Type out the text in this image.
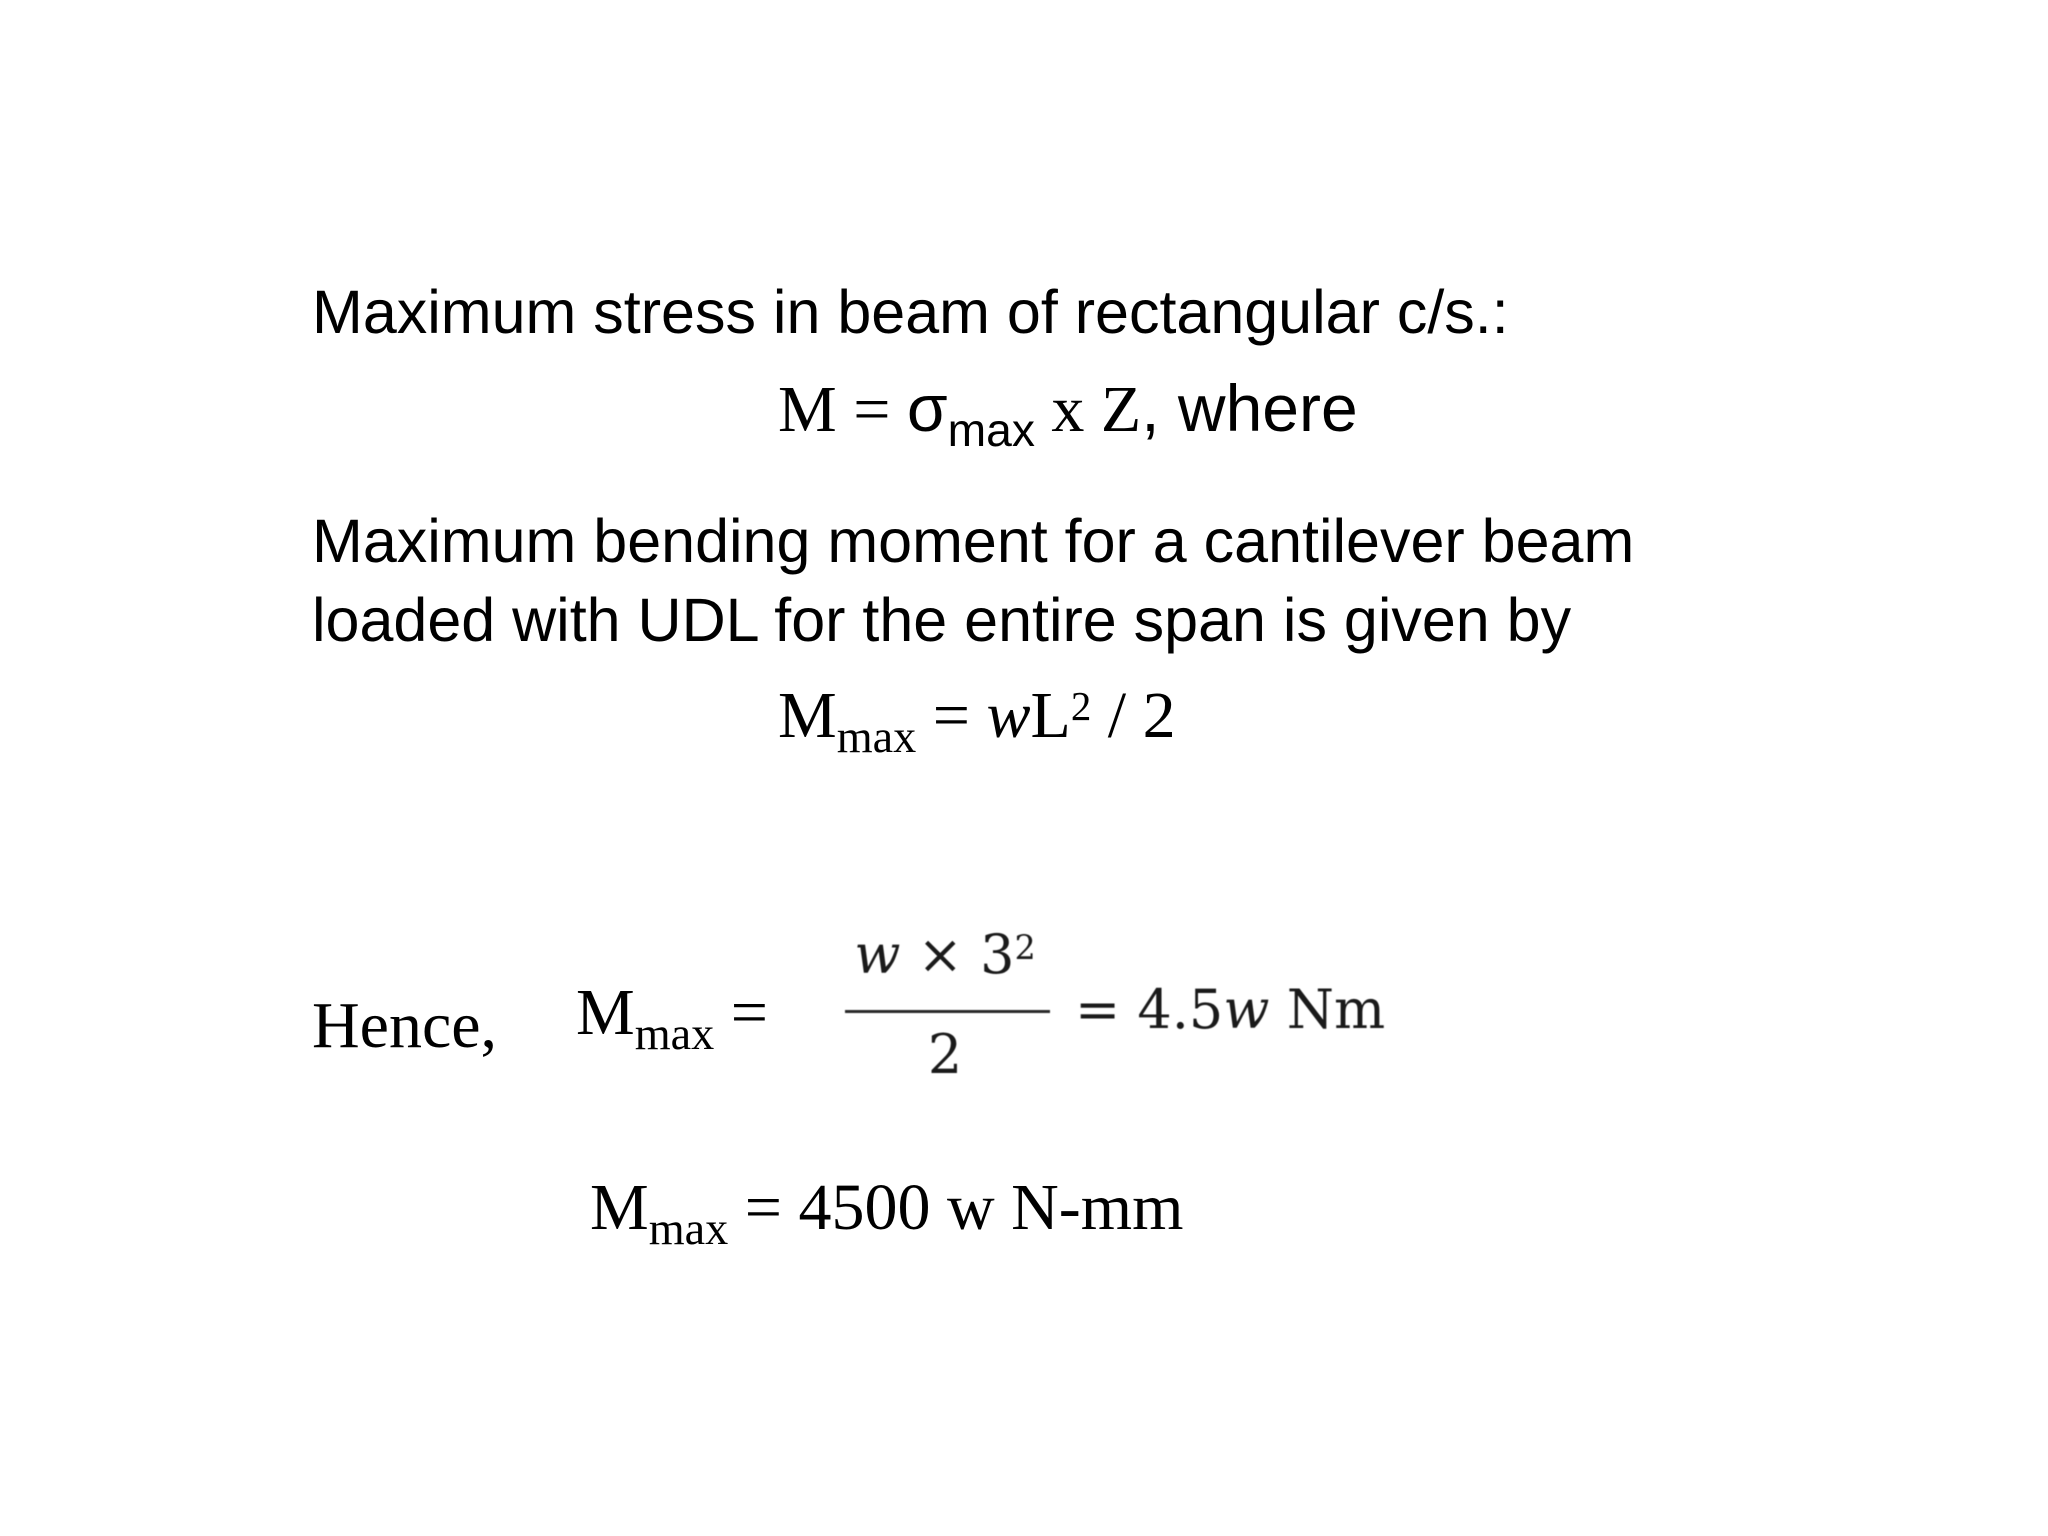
Maximum stress in beam of rectangular c/s.:
$M = \sigma_{max}$ x Z, where
Maximum bending moment for a cantilever beam
loaded with UDL for the entire span is given by
$M_{max} = wL^2 / 2$
Hence, $M_{max}$ =
$w \times 3^2$
2
= 4.5w Nm
$M_{max} = 4500$ w N-mm
